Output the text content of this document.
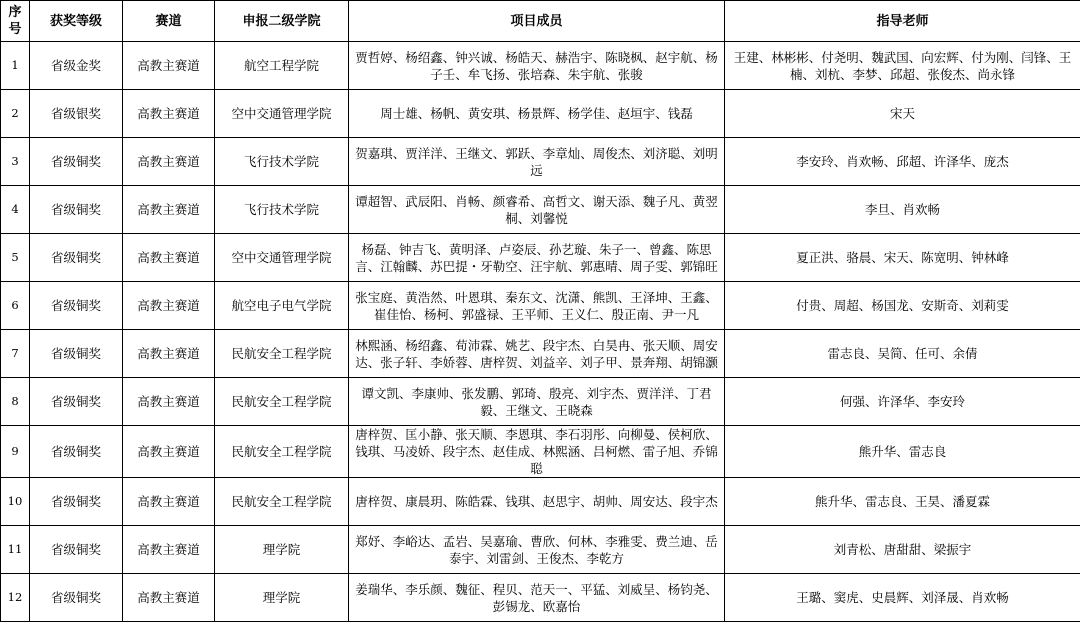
序号	获奖等级	赛道	申报二级学院	项目成员	指导老师
1	省级金奖	高教主赛道	航空工程学院	贾哲婷、杨绍鑫、钟兴诚、杨皓天、赫浩宇、陈晓枫、赵宇航、杨子壬、牟飞扬、张培森、朱宇航、张骏	王建、林彬彬、付尧明、魏武国、向宏辉、付为刚、闫锋、王楠、刘杭、李梦、邱超、张俊杰、尚永锋
2	省级银奖	高教主赛道	空中交通管理学院	周士雄、杨帆、黄安琪、杨景辉、杨学佳、赵垣宇、钱磊	宋天
3	省级铜奖	高教主赛道	飞行技术学院	贺嘉琪、贾洋洋、王继文、郭跃、李章灿、周俊杰、刘济聪、刘明远	李安玲、肖欢畅、邱超、许泽华、庞杰
4	省级铜奖	高教主赛道	飞行技术学院	谭超智、武辰阳、肖畅、颜睿希、高哲文、谢天添、魏子凡、黄翌桐、刘馨悦	李旦、肖欢畅
5	省级铜奖	高教主赛道	空中交通管理学院	杨磊、钟吉飞、黄明泽、卢姿辰、孙艺璇、朱子一、曾鑫、陈思言、江翰麟、苏巴提・牙勒空、汪宇航、郭惠晴、周子雯、郭锦旺	夏正洪、骆晨、宋天、陈宽明、钟林峰
6	省级铜奖	高教主赛道	航空电子电气学院	张宝庭、黄浩然、叶恩琪、秦东文、沈潇、熊凯、王泽坤、王鑫、崔佳怡、杨柯、郭盛禄、王平师、王义仁、殷正南、尹一凡	付贵、周超、杨国龙、安斯奇、刘莉雯
7	省级铜奖	高教主赛道	民航安全工程学院	林熙涵、杨绍鑫、荀沛霖、姚艺、段宇杰、白昊冉、张天顺、周安达、张子轩、李娇蓉、唐梓贺、刘益辛、刘子甲、景奔翔、胡锦灏	雷志良、吴简、任可、余倩
8	省级铜奖	高教主赛道	民航安全工程学院	谭文凯、李康帅、张发鹏、郭琦、殷亮、刘宇杰、贾洋洋、丁君毅、王继文、王晓森	何强、许泽华、李安玲
9	省级铜奖	高教主赛道	民航安全工程学院	唐梓贺、匡小静、张天顺、李恩琪、李石羽彤、向柳曼、侯柯欣、钱琪、马凌娇、段宇杰、赵佳成、林熙涵、吕柯燃、雷子旭、乔锦聪	熊升华、雷志良
10	省级铜奖	高教主赛道	民航安全工程学院	唐梓贺、康晨玥、陈皓霖、钱琪、赵思宇、胡帅、周安达、段宇杰	熊升华、雷志良、王昊、潘夏霖
11	省级铜奖	高教主赛道	理学院	郑妤、李峪达、孟岩、吴嘉瑜、曹欣、何林、李雅雯、费兰迪、岳泰宇、刘雷剑、王俊杰、李乾方	刘青松、唐甜甜、梁振宇
12	省级铜奖	高教主赛道	理学院	姜瑞华、李乐颜、魏征、程贝、范天一、平猛、刘威呈、杨钧尧、彭锡龙、欧嘉怡	王璐、窦虎、史晨辉、刘泽晟、肖欢畅
